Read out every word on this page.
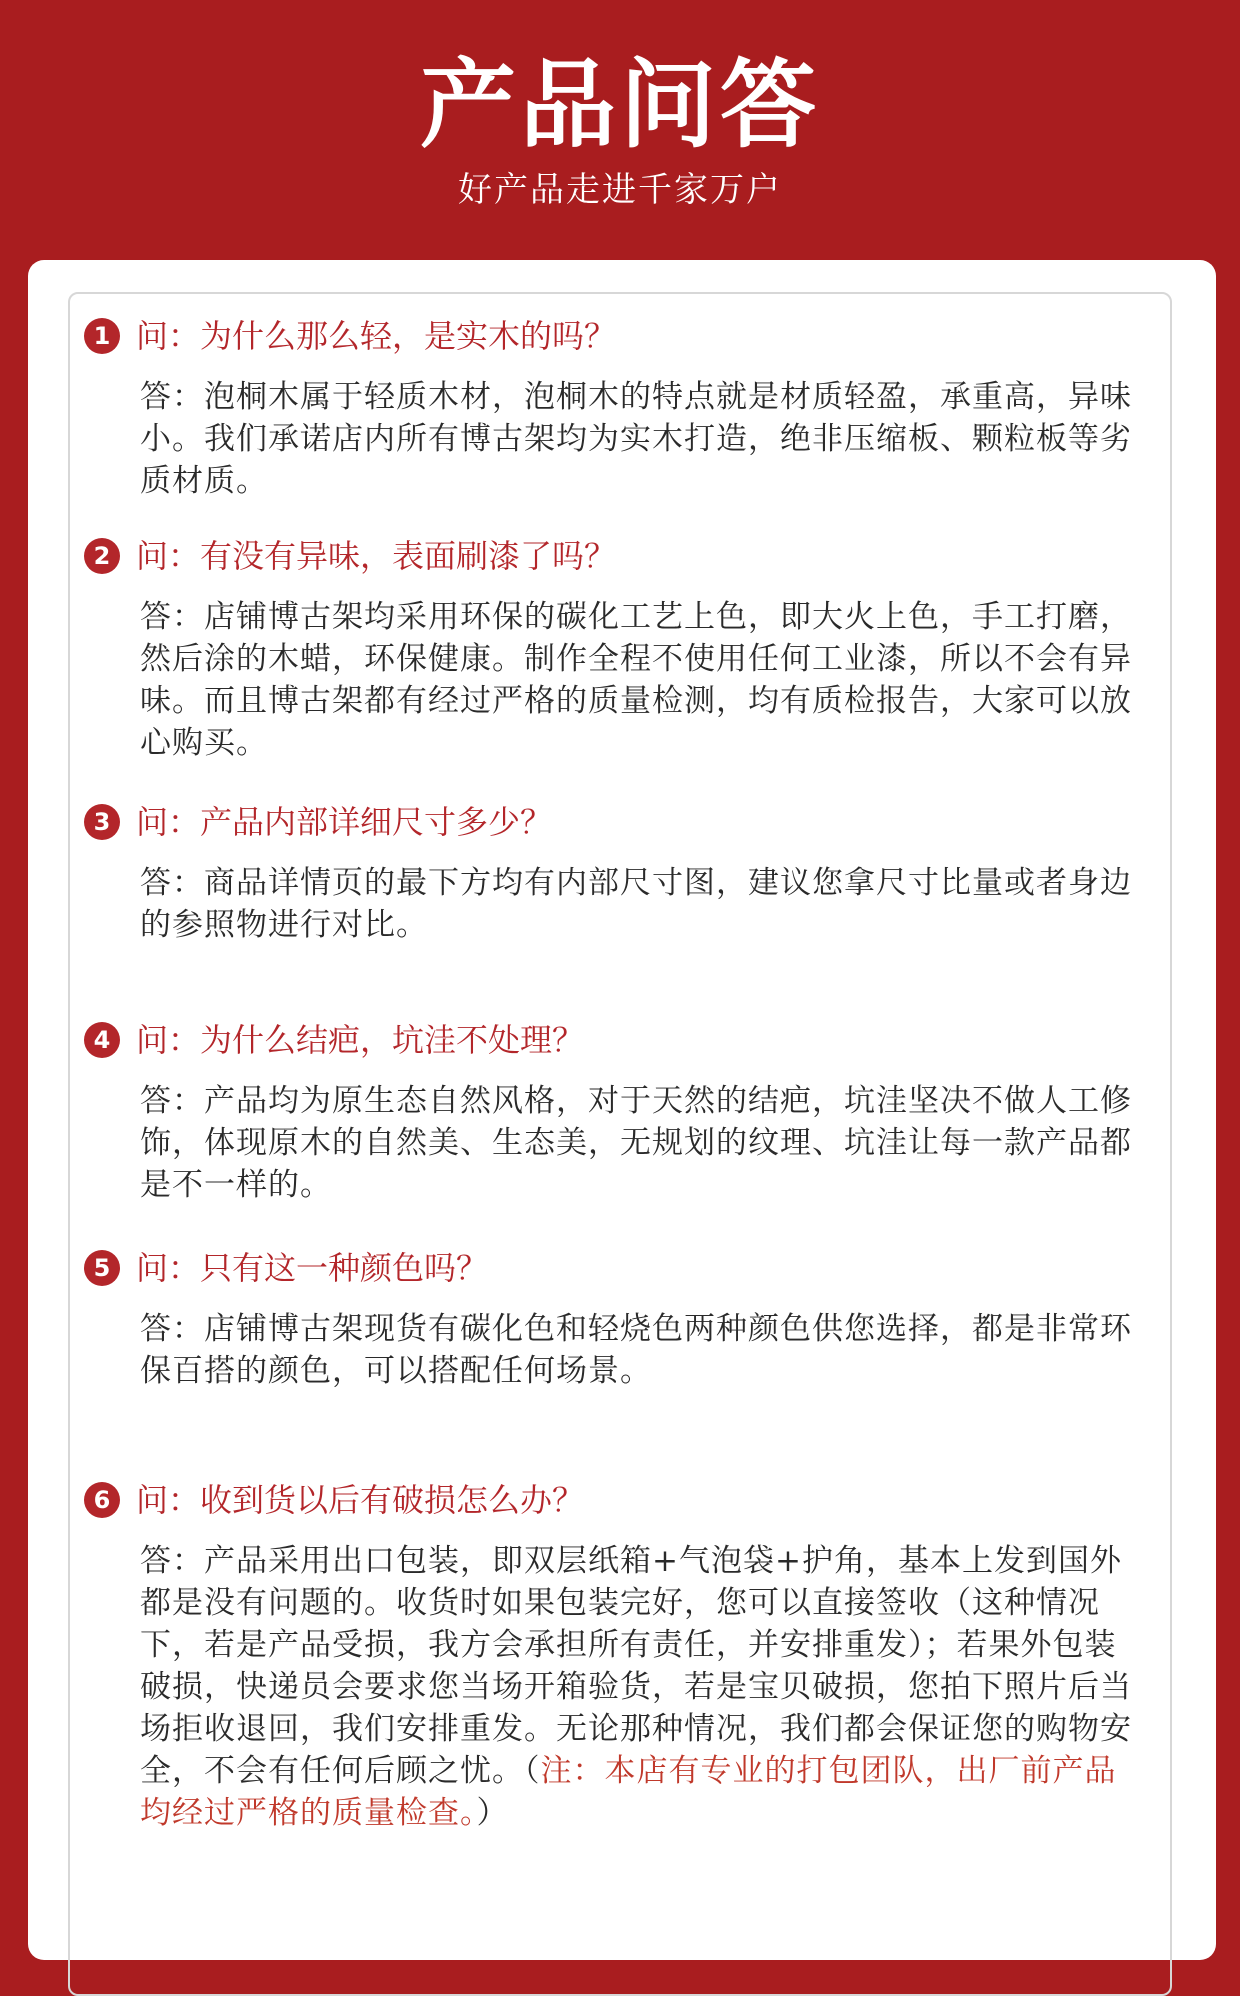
产品问答
好产品走进千家万户
1 问：为什么那么轻，是实木的吗？
答：泡桐木属于轻质木材，泡桐木的特点就是材质轻盈，承重高，异味小。我们承诺店内所有博古架均为实木打造，绝非压缩板、颗粒板等劣质材质。
2 问：有没有异味，表面刷漆了吗？
答：店铺博古架均采用环保的碳化工艺上色，即大火上色，手工打磨，然后涂的木蜡，环保健康。制作全程不使用任何工业漆，所以不会有异味。而且博古架都有经过严格的质量检测，均有质检报告，大家可以放心购买。
3 问：产品内部详细尺寸多少？
答：商品详情页的最下方均有内部尺寸图，建议您拿尺寸比量或者身边的参照物进行对比。
4 问：为什么结疤，坑洼不处理？
答：产品均为原生态自然风格，对于天然的结疤，坑洼坚决不做人工修饰，体现原木的自然美、生态美，无规划的纹理、坑洼让每一款产品都是不一样的。
5 问：只有这一种颜色吗？
答：店铺博古架现货有碳化色和轻烧色两种颜色供您选择，都是非常环保百搭的颜色，可以搭配任何场景。
6 问：收到货以后有破损怎么办？
答：产品采用出口包装，即双层纸箱+气泡袋+护角，基本上发到国外都是没有问题的。收货时如果包装完好，您可以直接签收（这种情况下，若是产品受损，我方会承担所有责任，并安排重发）；若果外包装破损，快递员会要求您当场开箱验货，若是宝贝破损，您拍下照片后当场拒收退回，我们安排重发。无论那种情况，我们都会保证您的购物安全，不会有任何后顾之忧。（注：本店有专业的打包团队，出厂前产品均经过严格的质量检查。）
